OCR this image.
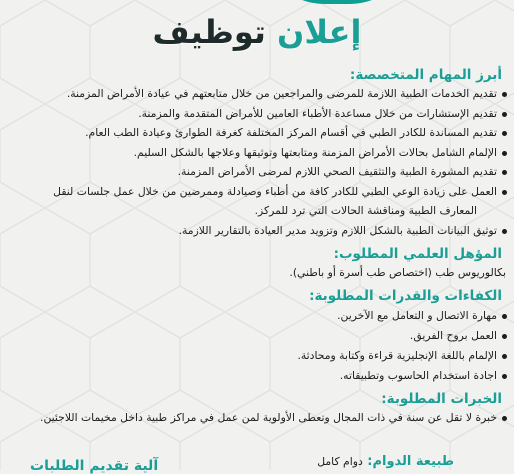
إعلان توظيف
أبرز المهام المتخصصة:
تقديم الخدمات الطبية اللازمة للمرضى والمراجعين من خلال متابعتهم في عيادة الأمراض المزمنة.
تقديم الإستشارات من خلال مساعدة الأطباء العامين للأمراض المتقدمة والمزمنة.
تقديم المساندة للكادر الطبي في أقسام المركز المختلفة كغرفة الطوارئ وعيادة الطب العام.
الإلمام الشامل بحالات الأمراض المزمنة ومتابعتها وتوثيقها وعلاجها بالشكل السليم.
تقديم المشورة الطبية والتثقيف الصحي اللازم لمرضى الأمراض المزمنة.
العمل على زيادة الوعي الطبي للكادر كافة من أطباء وصيادلة وممرضين من خلال عمل جلسات لنقل
المعارف الطبية ومناقشة الحالات التي ترد للمركز.
توثيق البيانات الطبية بالشكل اللازم وتزويد مدير العيادة بالتقارير اللازمة.
المؤهل العلمي المطلوب:
بكالوريوس طب (اختصاص طب أسرة أو باطني).
الكفاءات والقدرات المطلوبة:
مهارة الاتصال و التعامل مع الآخرين.
العمل بروح الفريق.
الإلمام باللغة الإنجليزية قراءة وكتابة ومحادثة.
اجادة استخدام الحاسوب وتطبيقاته.
الخبرات المطلوبة:
خبرة لا تقل عن سنة في ذات المجال وتعطى الأولوية لمن عمل في مراكز طبية داخل مخيمات اللاجئين.
طبيعة الدوام: دوام كامل
آلية تقديم الطلبات
